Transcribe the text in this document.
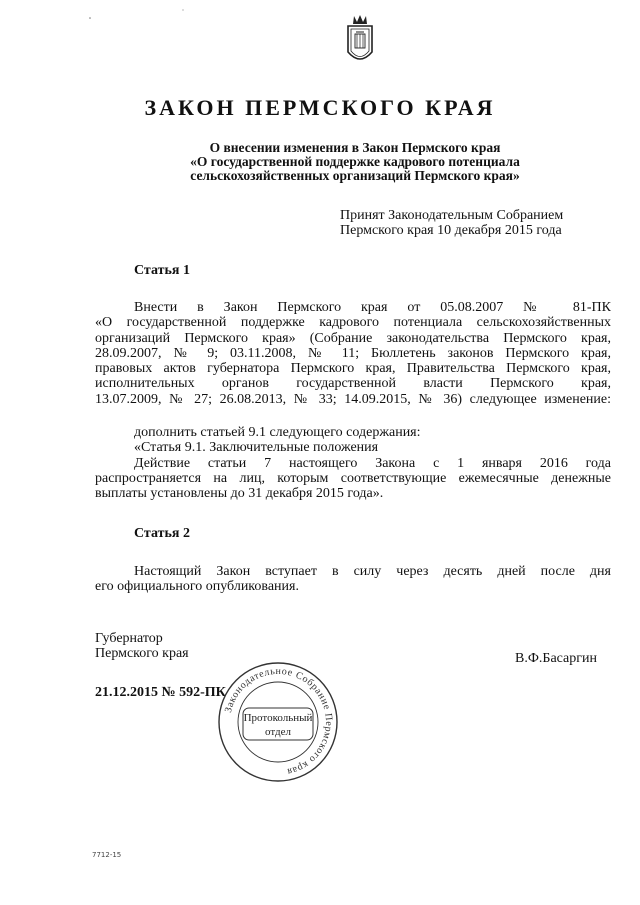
ЗАКОН ПЕРМСКОГО КРАЯ
О внесении изменения в Закон Пермского края
«О государственной поддержке кадрового потенциала
сельскохозяйственных организаций Пермского края»
Принят Законодательным Собранием
Пермского края 10 декабря 2015 года
Статья 1
Внести в Закон Пермского края от 05.08.2007 № 81-ПК
«О государственной поддержке кадрового потенциала сельскохозяйственных
организаций Пермского края» (Собрание законодательства Пермского края,
28.09.2007, № 9; 03.11.2008, № 11; Бюллетень законов Пермского края,
правовых актов губернатора Пермского края, Правительства Пермского края,
исполнительных органов государственной власти Пермского края,
13.07.2009, № 27; 26.08.2013, № 33; 14.09.2015, № 36) следующее изменение:
дополнить статьей 9.1 следующего содержания:
«Статья 9.1. Заключительные положения
Действие статьи 7 настоящего Закона с 1 января 2016 года
распространяется на лиц, которым соответствующие ежемесячные денежные
выплаты установлены до 31 декабря 2015 года».
Статья 2
Настоящий Закон вступает в силу через десять дней после дня
его официального опубликования.
Губернатор
Пермского края	В.Ф.Басаргин
21.12.2015 № 592-ПК
Законодательное Собрание Пермского края
Протокольный
отдел
7712-15
